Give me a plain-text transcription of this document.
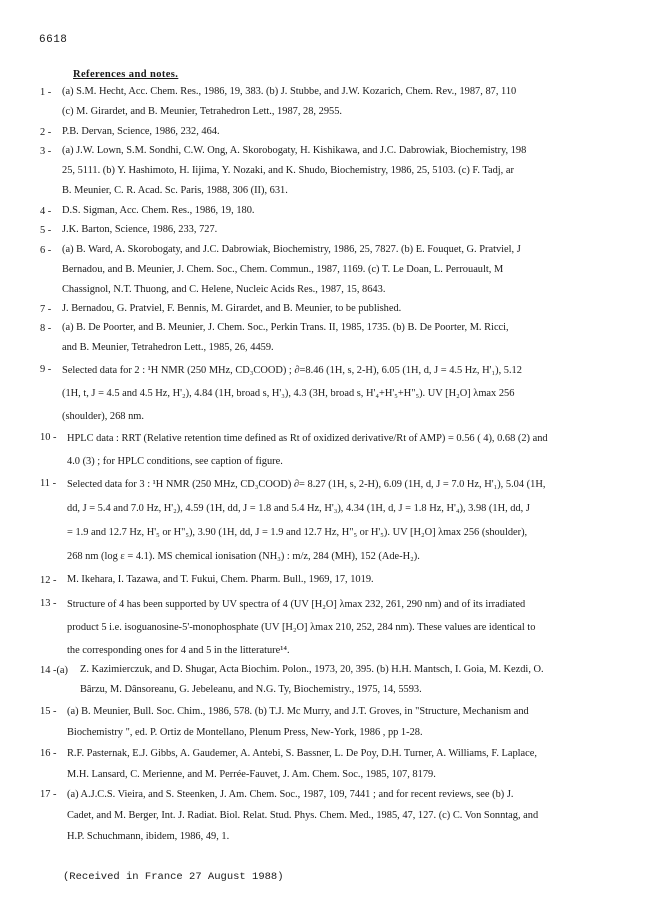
6618
References and notes.
1 - (a) S.M. Hecht, Acc. Chem. Res., 1986, 19, 383. (b) J. Stubbe, and J.W. Kozarich, Chem. Rev., 1987, 87, 110
(c) M. Girardet, and B. Meunier, Tetrahedron Lett., 1987, 28, 2955.
2 - P.B. Dervan, Science, 1986, 232, 464.
3 - (a) J.W. Lown, S.M. Sondhi, C.W. Ong, A. Skorobogaty, H. Kishikawa, and J.C. Dabrowiak, Biochemistry, 198
25, 5111. (b) Y. Hashimoto, H. Iijima, Y. Nozaki, and K. Shudo, Biochemistry, 1986, 25, 5103. (c) F. Tadj, ar
B. Meunier, C. R. Acad. Sc. Paris, 1988, 306 (II), 631.
4 - D.S. Sigman, Acc. Chem. Res., 1986, 19, 180.
5 - J.K. Barton, Science, 1986, 233, 727.
6 - (a) B. Ward, A. Skorobogaty, and J.C. Dabrowiak, Biochemistry, 1986, 25, 7827. (b) E. Fouquet, G. Pratviel, J
Bernadou, and B. Meunier, J. Chem. Soc., Chem. Commun., 1987, 1169. (c) T. Le Doan, L. Perrouault, M
Chassignol, N.T. Thuong, and C. Helene, Nucleic Acids Res., 1987, 15, 8643.
7 - J. Bernadou, G. Pratviel, F. Bennis, M. Girardet, and B. Meunier, to be published.
8 - (a) B. De Poorter, and B. Meunier, J. Chem. Soc., Perkin Trans. II, 1985, 1735. (b) B. De Poorter, M. Ricci,
and B. Meunier, Tetrahedron Lett., 1985, 26, 4459.
9 - Selected data for 2 : ¹H NMR (250 MHz, CD₃COOD) ; ∂=8.46 (1H, s, 2-H), 6.05 (1H, d, J = 4.5 Hz, H'₁), 5.12
(1H, t, J = 4.5 and 4.5 Hz, H'₂), 4.84 (1H, broad s, H'₃), 4.3 (3H, broad s, H'₄+H'₅+H"₅). UV [H₂O] λmax 256
(shoulder), 268 nm.
10 - HPLC data : RRT (Relative retention time defined as Rt of oxidized derivative/Rt of AMP) = 0.56 ( 4), 0.68 (2) and
4.0 (3) ; for HPLC conditions, see caption of figure.
11 - Selected data for 3 : ¹H NMR (250 MHz, CD₃COOD) ∂= 8.27 (1H, s, 2-H), 6.09 (1H, d, J = 7.0 Hz, H'₁), 5.04 (1H,
dd, J = 5.4 and 7.0 Hz, H'₂), 4.59 (1H, dd, J = 1.8 and 5.4 Hz, H'₃), 4.34 (1H, d, J = 1.8 Hz, H'₄), 3.98 (1H, dd, J
= 1.9 and 12.7 Hz, H'₅ or H"₅), 3.90 (1H, dd, J = 1.9 and 12.7 Hz, H"₅ or H'₅). UV [H₂O] λmax 256 (shoulder),
268 nm (log ε = 4.1). MS chemical ionisation (NH₃) : m/z, 284 (MH), 152 (Ade-H₂).
12 - M. Ikehara, I. Tazawa, and T. Fukui, Chem. Pharm. Bull., 1969, 17, 1019.
13 - Structure of 4 has been supported by UV spectra of 4 (UV [H₂O] λmax 232, 261, 290 nm) and of its irradiated
product 5 i.e. isoguanosine-5'-monophosphate (UV [H₂O] λmax 210, 252, 284 nm). These values are identical to
the corresponding ones for 4 and 5 in the litterature¹⁴.
14 -(a) Z. Kazimierczuk, and D. Shugar, Acta Biochim. Polon., 1973, 20, 395. (b) H.H. Mantsch, I. Goia, M. Kezdi, O.
Bârzu, M. Dânsoreanu, G. Jebeleanu, and N.G. Ty, Biochemistry., 1975, 14, 5593.
15 - (a) B. Meunier, Bull. Soc. Chim., 1986, 578. (b) T.J. Mc Murry, and J.T. Groves, in "Structure, Mechanism and
Biochemistry ", ed. P. Ortiz de Montellano, Plenum Press, New-York, 1986 , pp 1-28.
16 - R.F. Pasternak, E.J. Gibbs, A. Gaudemer, A. Antebi, S. Bassner, L. De Poy, D.H. Turner, A. Williams, F. Laplace,
M.H. Lansard, C. Merienne, and M. Perrée-Fauvet, J. Am. Chem. Soc., 1985, 107, 8179.
17 - (a) A.J.C.S. Vieira, and S. Steenken, J. Am. Chem. Soc., 1987, 109, 7441 ; and for recent reviews, see (b) J.
Cadet, and M. Berger, Int. J. Radiat. Biol. Relat. Stud. Phys. Chem. Med., 1985, 47, 127. (c) C. Von Sonntag, and
H.P. Schuchmann, ibidem, 1986, 49, 1.
(Received in France 27 August 1988)
